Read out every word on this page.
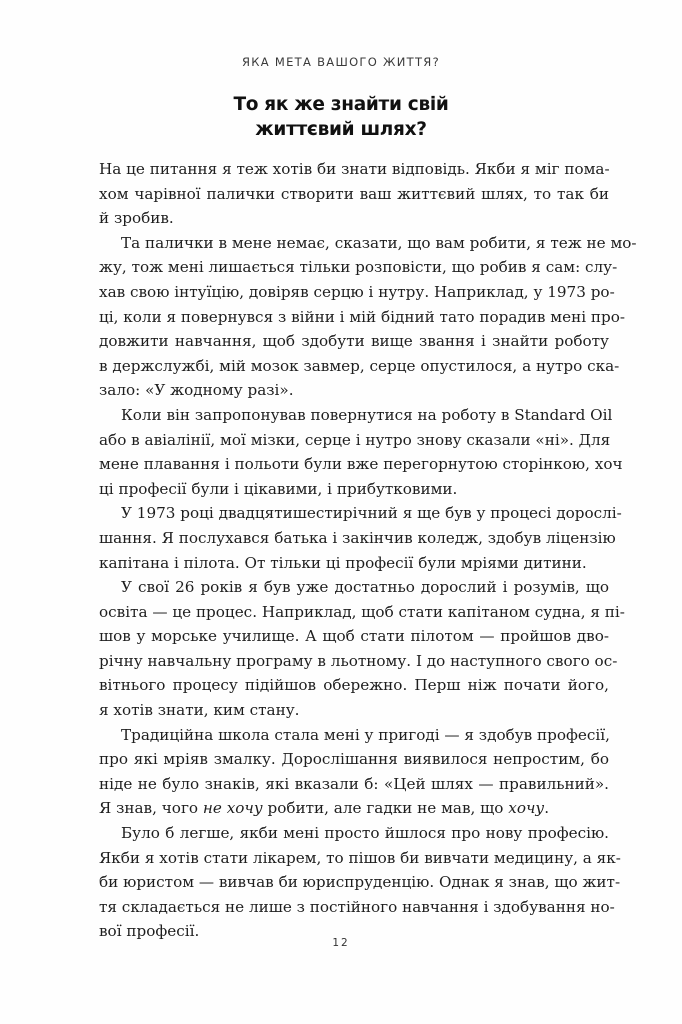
ЯКА МЕТА ВАШОГО ЖИТТЯ?
То як же знайти свій
життєвий шлях?
На це питання я теж хотів би знати відповідь. Якби я міг пома-
хом чарівної палички створити ваш життєвий шлях, то так би
й зробив.
Та палички в мене немає, сказати, що вам робити, я теж не мо-
жу, тож мені лишається тільки розповісти, що робив я сам: слу-
хав свою інтуїцію, довіряв серцю і нутру. Наприклад, у 1973 ро-
ці, коли я повернувся з війни і мій бідний тато порадив мені про-
довжити навчання, щоб здобути вище звання і знайти роботу
в держслужбі, мій мозок завмер, серце опустилося, а нутро ска-
зало: «У жодному разі».
Коли він запропонував повернутися на роботу в Standard Oil
або в авіалінії, мої мізки, серце і нутро знову сказали «ні». Для
мене плавання і польоти були вже перегорнутою сторінкою, хоч
ці професії були і цікавими, і прибутковими.
У 1973 році двадцятишестирічний я ще був у процесі дорослі-
шання. Я послухався батька і закінчив коледж, здобув ліцензію
капітана і пілота. От тільки ці професії були мріями дитини.
У свої 26 років я був уже достатньо дорослий і розумів, що
освіта — це процес. Наприклад, щоб стати капітаном судна, я пі-
шов у морське училище. А щоб стати пілотом — пройшов дво-
річну навчальну програму в льотному. І до наступного свого ос-
вітнього процесу підійшов обережно. Перш ніж почати його,
я хотів знати, ким стану.
Традиційна школа стала мені у пригоді — я здобув професії,
про які мріяв змалку. Дорослішання виявилося непростим, бо
ніде не було знаків, які вказали б: «Цей шлях — правильний».
Я знав, чого не хочу робити, але гадки не мав, що хочу.
Було б легше, якби мені просто йшлося про нову професію.
Якби я хотів стати лікарем, то пішов би вивчати медицину, а як-
би юристом — вивчав би юриспруденцію. Однак я знав, що жит-
тя складається не лише з постійного навчання і здобування но-
вої професії.
12
